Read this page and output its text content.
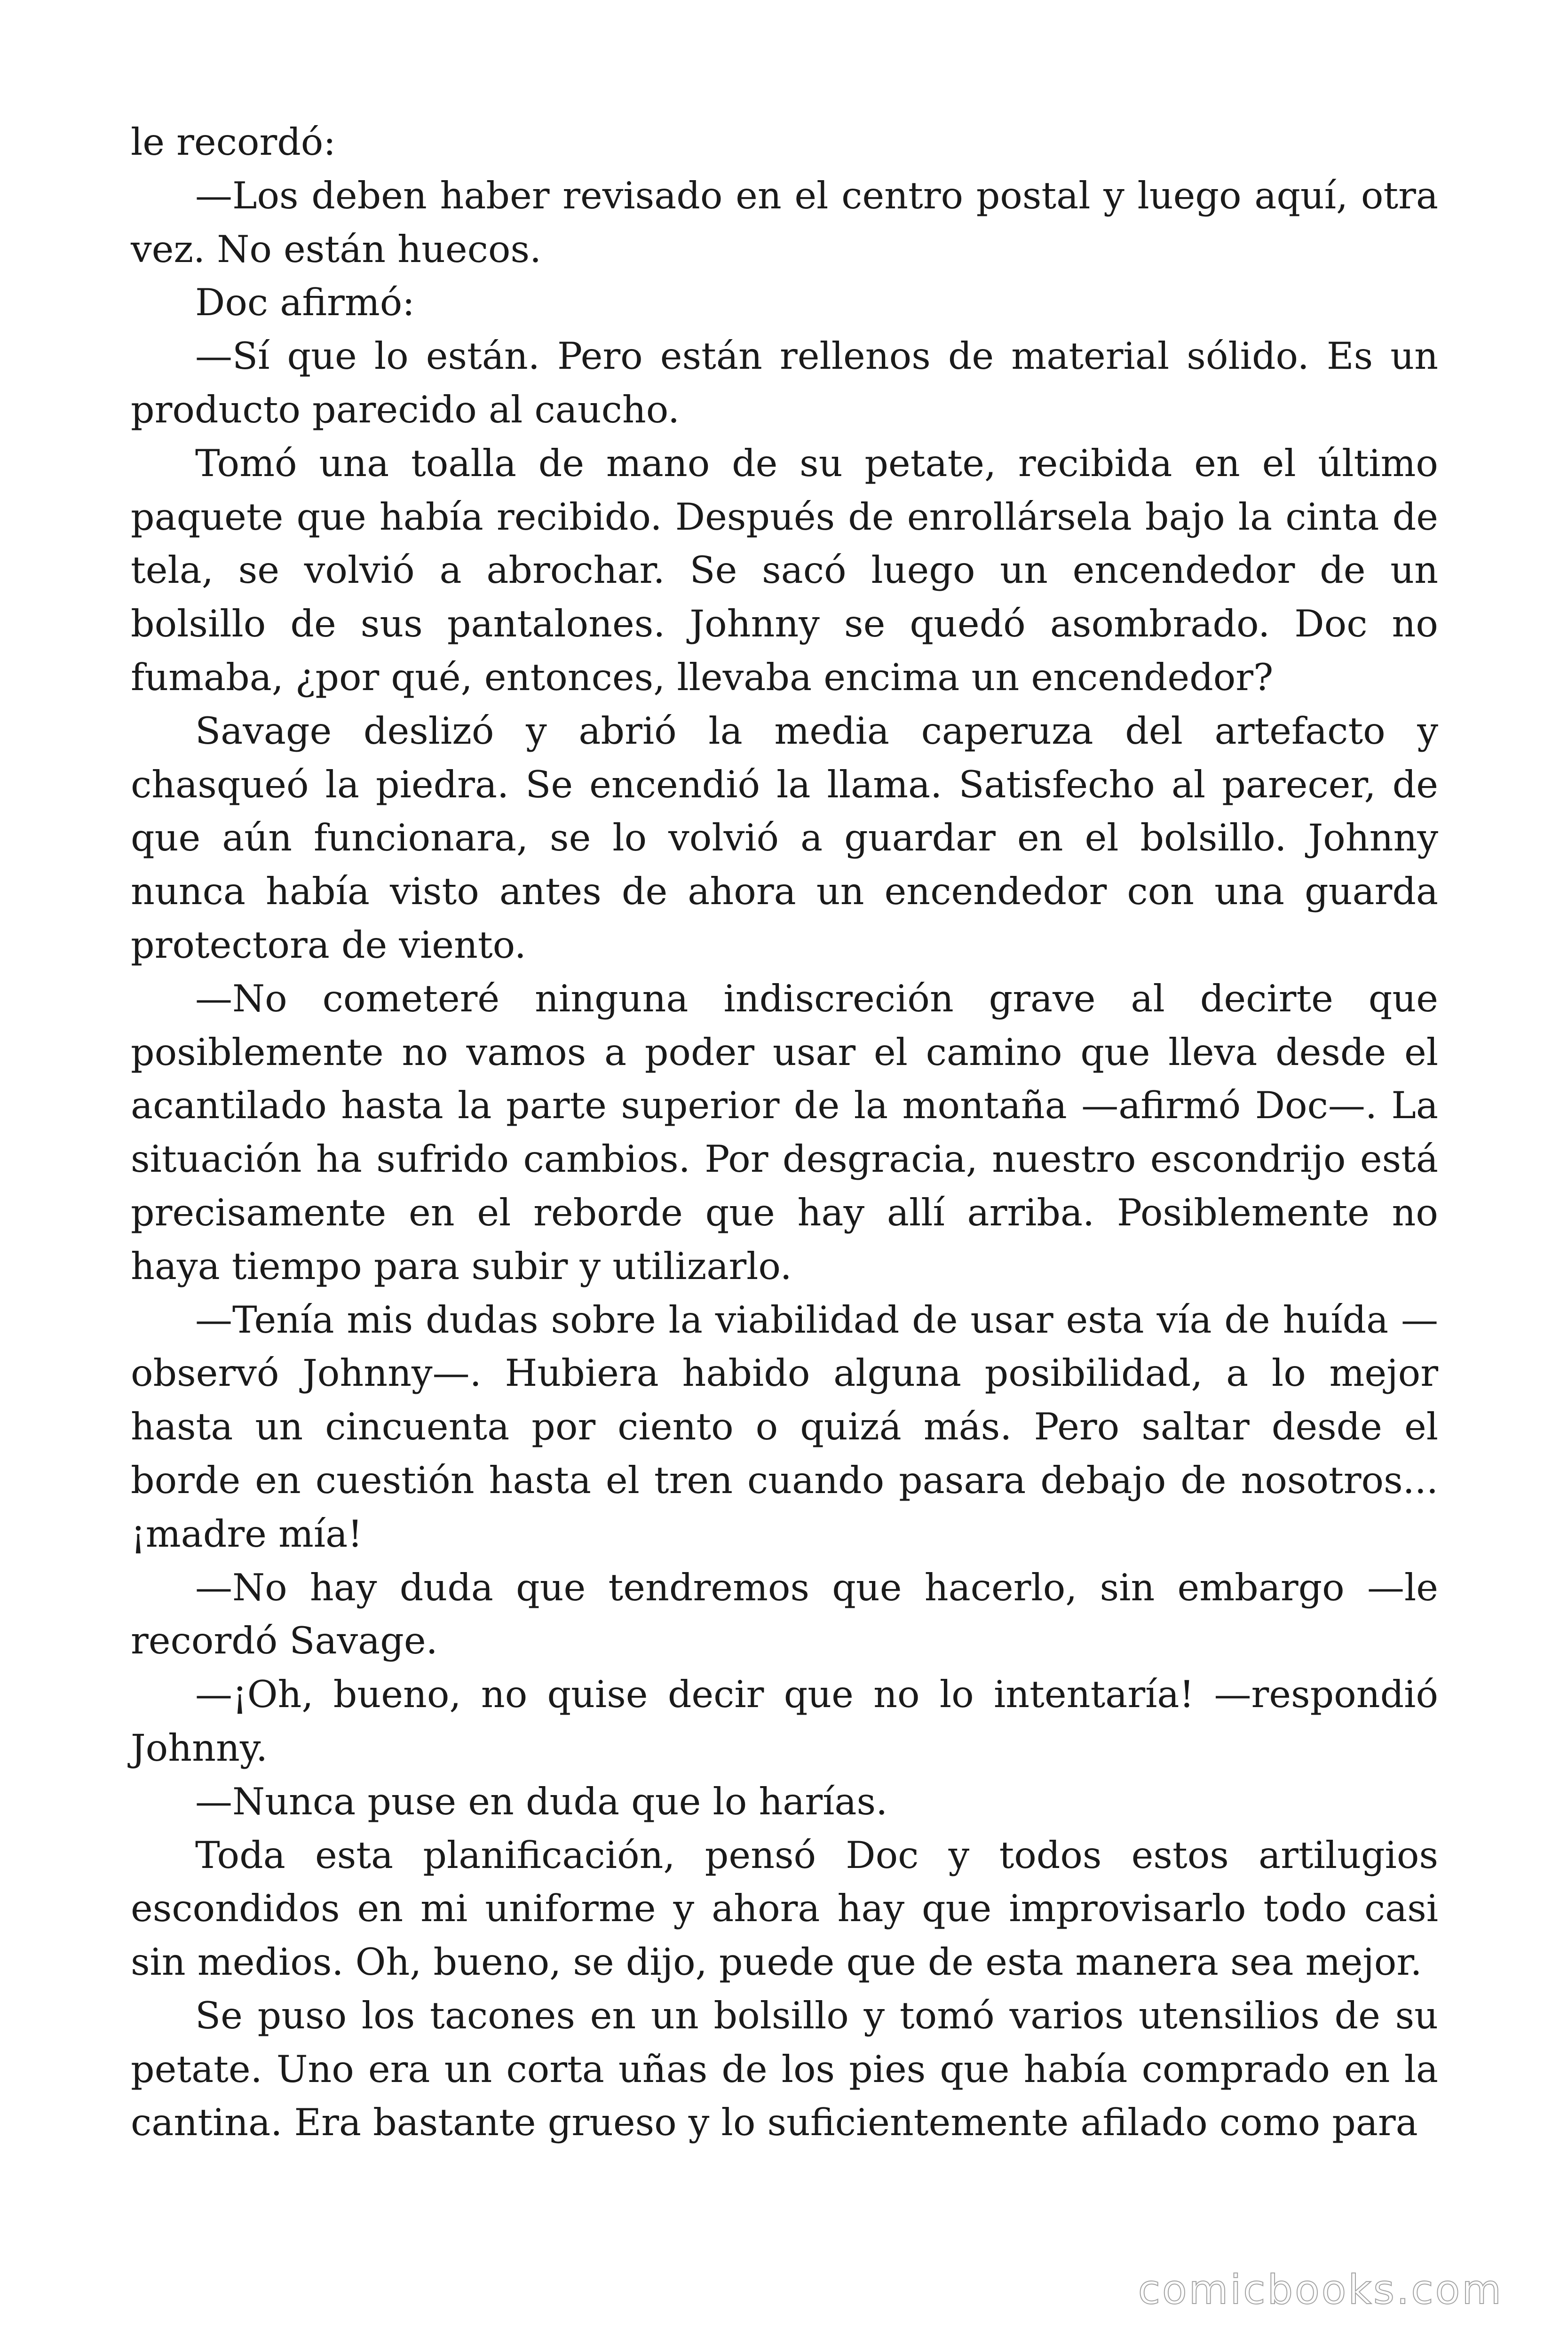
le recordó:

—Los deben haber revisado en el centro postal y luego aquí, otra vez. No están huecos.

Doc afirmó:

—Sí que lo están. Pero están rellenos de material sólido. Es un producto parecido al caucho.

Tomó una toalla de mano de su petate, recibida en el último paquete que había recibido. Después de enrollársela bajo la cinta de tela, se volvió a abrochar. Se sacó luego un encendedor de un bolsillo de sus pantalones. Johnny se quedó asombrado. Doc no fumaba, ¿por qué, entonces, llevaba encima un encendedor?

Savage deslizó y abrió la media caperuza del artefacto y chasqueó la piedra. Se encendió la llama. Satisfecho al parecer, de que aún funcionara, se lo volvió a guardar en el bolsillo. Johnny nunca había visto antes de ahora un encendedor con una guarda protectora de viento.

—No cometeré ninguna indiscreción grave al decirte que posiblemente no vamos a poder usar el camino que lleva desde el acantilado hasta la parte superior de la montaña —afirmó Doc—. La situación ha sufrido cambios. Por desgracia, nuestro escondrijo está precisamente en el reborde que hay allí arriba. Posiblemente no haya tiempo para subir y utilizarlo.

—Tenía mis dudas sobre la viabilidad de usar esta vía de huída —observó Johnny—. Hubiera habido alguna posibilidad, a lo mejor hasta un cincuenta por ciento o quizá más. Pero saltar desde el borde en cuestión hasta el tren cuando pasara debajo de nosotros... ¡madre mía!

—No hay duda que tendremos que hacerlo, sin embargo —le recordó Savage.

—¡Oh, bueno, no quise decir que no lo intentaría! —respondió Johnny.

—Nunca puse en duda que lo harías.

Toda esta planificación, pensó Doc y todos estos artilugios escondidos en mi uniforme y ahora hay que improvisarlo todo casi sin medios. Oh, bueno, se dijo, puede que de esta manera sea mejor.

Se puso los tacones en un bolsillo y tomó varios utensilios de su petate. Uno era un corta uñas de los pies que había comprado en la cantina. Era bastante grueso y lo suficientemente afilado como para

comicbooks.com
